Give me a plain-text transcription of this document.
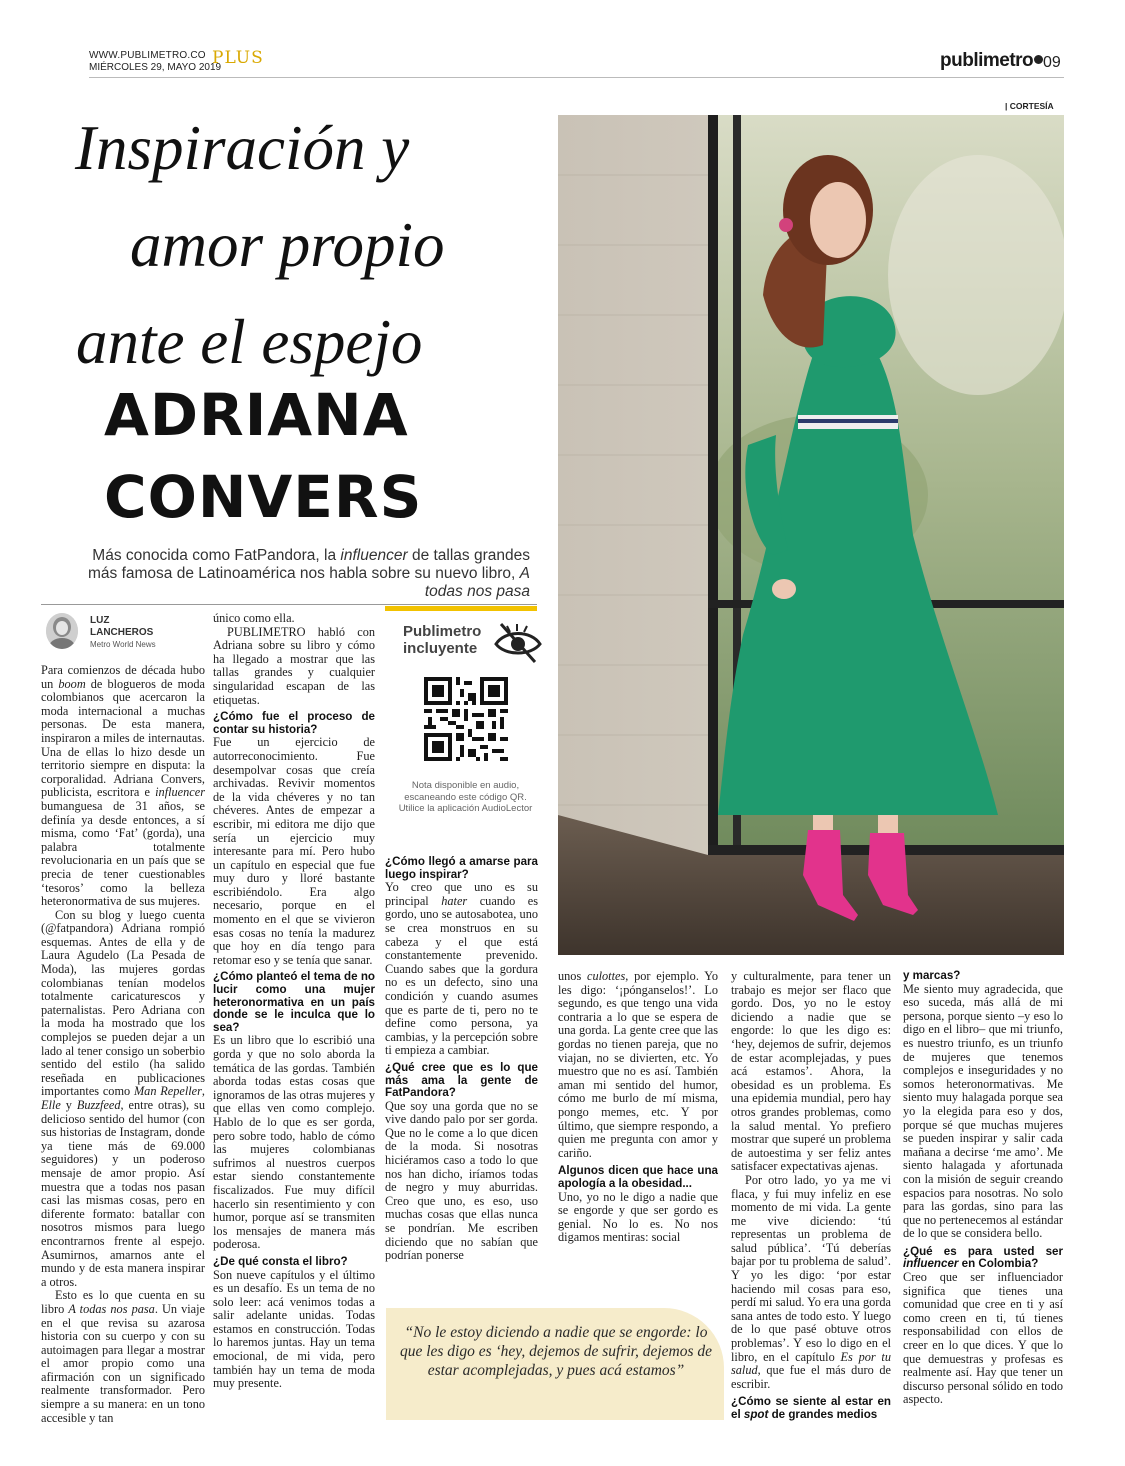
WWW.PUBLIMETRO.CO
MIÉRCOLES 29, MAYO 2019
PLUS	publimetro 09
Inspiración y
amor propio
ante el espejo
ADRIANA
CONVERS
Más conocida como FatPandora, la influencer de tallas grandes más famosa de Latinoamérica nos habla sobre su nuevo libro, A todas nos pasa
| CORTESÍA
LUZ
LANCHEROS
Metro World News

Para comienzos de década hubo un boom de blogueros de moda colombianos que acercaron la moda internacional a muchas personas. De esta manera, inspiraron a miles de internautas. Una de ellas lo hizo desde un territorio siempre en disputa: la corporalidad. Adriana Convers, publicista, escritora e influencer bumanguesa de 31 años, se definía ya desde entonces, a sí misma, como ‘Fat’ (gorda), una palabra totalmente revolucionaria en un país que se precia de tener cuestionables ‘tesoros’ como la belleza heteronormativa de sus mujeres.

Con su blog y luego cuenta (@fatpandora) Adriana rompió esquemas. Antes de ella y de Laura Agudelo (La Pesada de Moda), las mujeres gordas colombianas tenían modelos totalmente caricaturescos y paternalistas. Pero Adriana con la moda ha mostrado que los complejos se pueden dejar a un lado al tener consigo un soberbio sentido del estilo (ha salido reseñada en publicaciones importantes como Man Repeller, Elle y Buzzfeed, entre otras), su delicioso sentido del humor (con sus historias de Instagram, donde ya tiene más de 69.000 seguidores) y un poderoso mensaje de amor propio. Así muestra que a todas nos pasan casi las mismas cosas, pero en diferente formato: batallar con nosotros mismos para luego encontrarnos frente al espejo. Asumirnos, amarnos ante el mundo y de esta manera inspirar a otros.

Esto es lo que cuenta en su libro A todas nos pasa. Un viaje en el que revisa su azarosa historia con su cuerpo y con su autoimagen para llegar a mostrar el amor propio como una afirmación con un significado realmente transformador. Pero siempre a su manera: en un tono accesible y tan

único como ella.

PUBLIMETRO habló con Adriana sobre su libro y cómo ha llegado a mostrar que las tallas grandes y cualquier singularidad escapan de las etiquetas.

¿Cómo fue el proceso de contar su historia?

Fue un ejercicio de autorreconocimiento. Fue desempolvar cosas que creía archivadas. Revivir momentos de la vida chéveres y no tan chéveres. Antes de empezar a escribir, mi editora me dijo que sería un ejercicio muy interesante para mí. Pero hubo un capítulo en especial que fue muy duro y lloré bastante escribiéndolo. Era algo necesario, porque en el momento en el que se vivieron esas cosas no tenía la madurez que hoy en día tengo para retomar eso y se tenía que sanar.

¿Cómo planteó el tema de no lucir como una mujer heteronormativa en un país donde se le inculca que lo sea?

Es un libro que lo escribió una gorda y que no solo aborda la temática de las gordas. También aborda todas estas cosas que ignoramos de las otras mujeres y que ellas ven como complejo. Hablo de lo que es ser gorda, pero sobre todo, hablo de cómo las mujeres colombianas sufrimos al nuestros cuerpos estar siendo constantemente fiscalizados. Fue muy difícil hacerlo sin resentimiento y con humor, porque así se transmiten los mensajes de manera más poderosa.

¿De qué consta el libro?

Son nueve capítulos y el último es un desafío. Es un tema de no solo leer: acá venimos todas a salir adelante unidas. Todas estamos en construcción. Todas lo haremos juntas. Hay un tema emocional, de mi vida, pero también hay un tema de moda muy presente.

Publimetro
incluyente
Nota disponible en audio, escaneando este código QR. Utilice la aplicación AudioLector
¿Cómo llegó a amarse para luego inspirar?

Yo creo que uno es su principal hater cuando es gordo, uno se autosabotea, uno se crea monstruos en su cabeza y el que está constantemente prevenido. Cuando sabes que la gordura no es un defecto, sino una condición y cuando asumes que es parte de ti, pero no te define como persona, ya cambias, y la percepción sobre ti empieza a cambiar.

¿Qué cree que es lo que más ama la gente de FatPandora?

Que soy una gorda que no se vive dando palo por ser gorda. Que no le come a lo que dicen de la moda. Si nosotras hiciéramos caso a todo lo que nos han dicho, iríamos todas de negro y muy aburridas. Creo que uno, es eso, uso muchas cosas que ellas nunca se pondrían. Me escriben diciendo que no sabían que podrían ponerse

unos culottes, por ejemplo. Yo les digo: ‘¡pónganselos!’. Lo segundo, es que tengo una vida contraria a lo que se espera de una gorda. La gente cree que las gordas no tienen pareja, que no viajan, no se divierten, etc. Yo muestro que no es así. También aman mi sentido del humor, cómo me burlo de mí misma, pongo memes, etc. Y por último, que siempre respondo, a quien me pregunta con amor y cariño.

Algunos dicen que hace una apología a la obesidad...

Uno, yo no le digo a nadie que se engorde y que ser gordo es genial. No lo es. No nos digamos mentiras: social

y culturalmente, para tener un trabajo es mejor ser flaco que gordo. Dos, yo no le estoy diciendo a nadie que se engorde: lo que les digo es: ‘hey, dejemos de sufrir, dejemos de estar acomplejadas, y pues acá estamos’. Ahora, la obesidad es un problema. Es una epidemia mundial, pero hay otros grandes problemas, como la salud mental. Yo prefiero mostrar que superé un problema de autoestima y ser feliz antes satisfacer expectativas ajenas.

Por otro lado, yo ya me vi flaca, y fui muy infeliz en ese momento de mi vida. La gente me vive diciendo: ‘tú representas un problema de salud pública’. ‘Tú deberías bajar por tu problema de salud’. Y yo les digo: ‘por estar haciendo mil cosas para eso, perdí mi salud. Yo era una gorda sana antes de todo esto. Y luego de lo que pasé obtuve otros problemas’. Y eso lo digo en el libro, en el capítulo Es por tu salud, que fue el más duro de escribir.

¿Cómo se siente al estar en el spot de grandes medios
y marcas?

Me siento muy agradecida, que eso suceda, más allá de mi persona, porque siento –y eso lo digo en el libro– que mi triunfo, es nuestro triunfo, es un triunfo de mujeres que tenemos complejos e inseguridades y no somos heteronormativas. Me siento muy halagada porque sea yo la elegida para eso y dos, porque sé que muchas mujeres se pueden inspirar y salir cada mañana a decirse ‘me amo’. Me siento halagada y afortunada con la misión de seguir creando espacios para nosotras. No solo para las gordas, sino para las que no pertenecemos al estándar de lo que se considera bello.

¿Qué es para usted ser influencer en Colombia?

Creo que ser influenciador significa que tienes una comunidad que cree en ti y así como creen en ti, tú tienes responsabilidad con ellos de creer en lo que dices. Y que lo que demuestras y profesas es realmente así. Hay que tener un discurso personal sólido en todo aspecto.

“No le estoy diciendo a nadie que se engorde: lo que les digo es ‘hey, dejemos de sufrir, dejemos de estar acomplejadas, y pues acá estamos”
